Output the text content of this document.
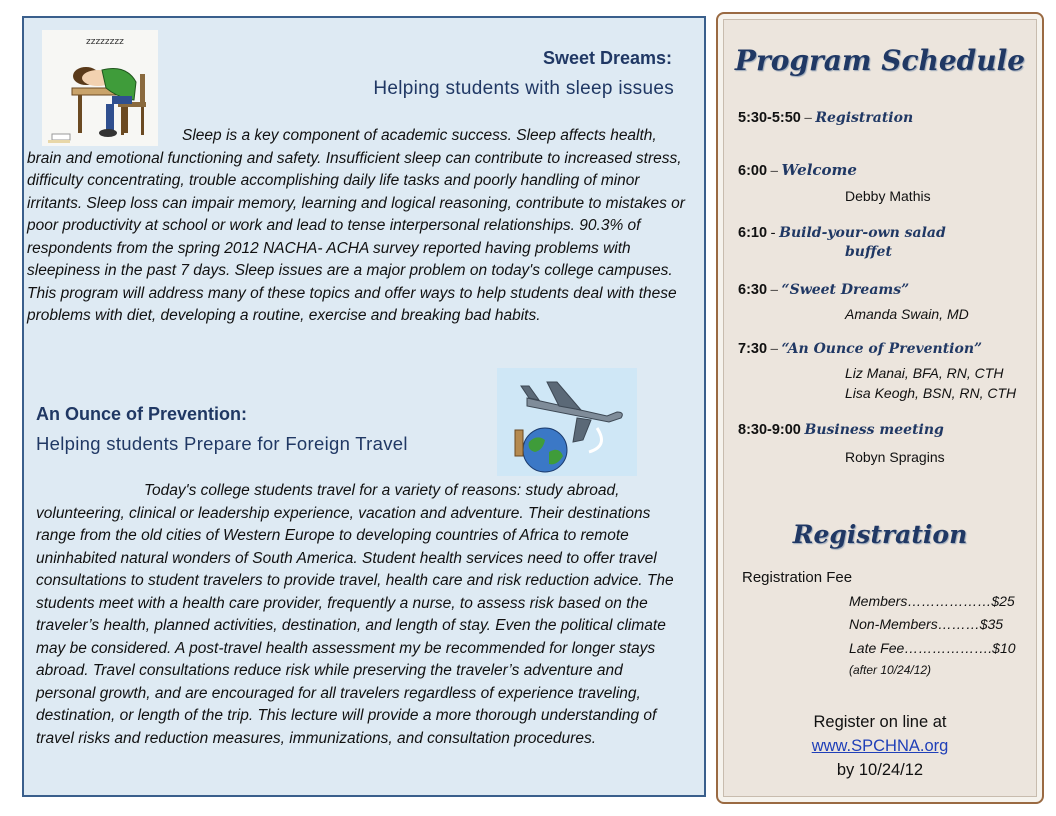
zzzzzzzz
Sweet Dreams:
Helping students with sleep issues

Sleep is a key component of academic success. Sleep affects health, brain and emotional functioning and safety. Insufficient sleep can contribute to increased stress, difficulty concentrating, trouble accomplishing daily life tasks and poorly handling of minor irritants. Sleep loss can impair memory, learning and logical reasoning, contribute to mistakes or poor productivity at school or work and lead to tense interpersonal relationships. 90.3% of respondents from the spring 2012 NACHA- ACHA survey reported having problems with sleepiness in the past 7 days. Sleep issues are a major problem on today's college campuses. This program will address many of these topics and offer ways to help students deal with these problems with diet, developing a routine, exercise and breaking bad habits.

An Ounce of Prevention:
Helping students Prepare for Foreign Travel

Today's college students travel for a variety of reasons: study abroad, volunteering, clinical or leadership experience, vacation and adventure. Their destinations range from the old cities of Western Europe to developing countries of Africa to remote uninhabited natural wonders of South America. Student health services need to offer travel consultations to student travelers to provide travel, health care and risk reduction advice. The students meet with a health care provider, frequently a nurse, to assess risk based on the traveler’s health, planned activities, destination, and length of stay. Even the political climate may be considered. A post-travel health assessment my be recommended for longer stays abroad. Travel consultations reduce risk while preserving the traveler’s adventure and personal growth, and are encouraged for all travelers regardless of experience traveling, destination, or length of the trip. This lecture will provide a more thorough understanding of travel risks and reduction measures, immunizations, and consultation procedures.

Program Schedule
5:30-5:50 – Registration
6:00 – Welcome
Debby Mathis
6:10 - Build-your-own salad
buffet
6:30 – “Sweet Dreams”
Amanda Swain, MD
7:30 – “An Ounce of Prevention”
Liz Manai, BFA, RN, CTH
Lisa Keogh, BSN, RN, CTH
8:30-9:00 Business meeting
Robyn Spragins
Registration
Registration Fee
Members………………$25
Non-Members………$35
Late Fee……………….$10
(after 10/24/12)
Register on line at
www.SPCHNA.org
by 10/24/12
